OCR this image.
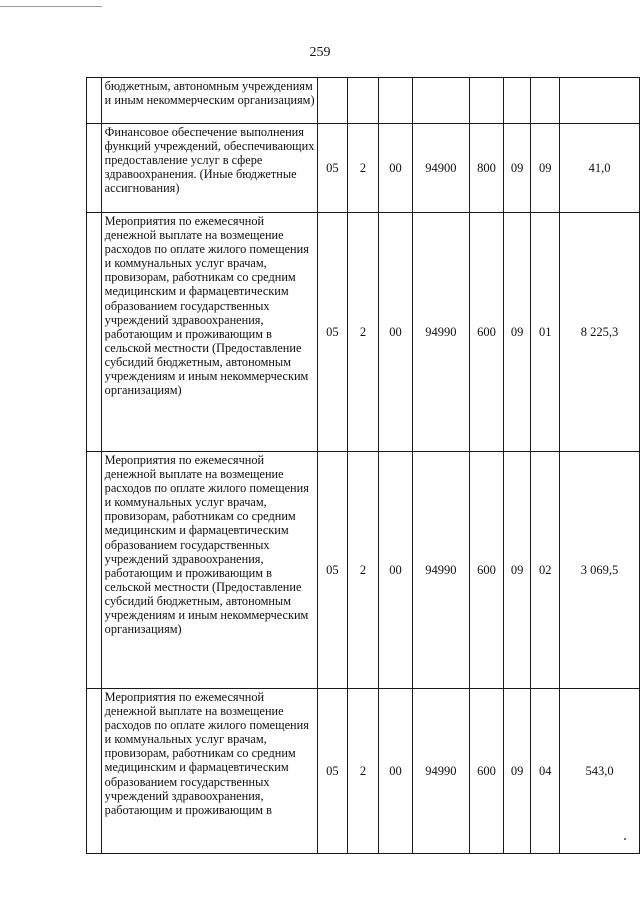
259
	бюджетным, автономным учреждениям и иным некоммерческим организациям)								
	Финансовое обеспечение выполнения функций учреждений, обеспечивающих предоставление услуг в сфере здравоохранения. (Иные бюджетные ассигнования)	05	2	00	94900	800	09	09	41,0
	Мероприятия по ежемесячной денежной выплате на возмещение расходов по оплате жилого помещения и коммунальных услуг врачам, провизорам, работникам со средним медицинским и фармацевтическим образованием государственных учреждений здравоохранения, работающим и проживающим в сельской местности (Предоставление субсидий бюджетным, автономным учреждениям и иным некоммерческим организациям)	05	2	00	94990	600	09	01	8 225,3
	Мероприятия по ежемесячной денежной выплате на возмещение расходов по оплате жилого помещения и коммунальных услуг врачам, провизорам, работникам со средним медицинским и фармацевтическим образованием государственных учреждений здравоохранения, работающим и проживающим в сельской местности (Предоставление субсидий бюджетным, автономным учреждениям и иным некоммерческим организациям)	05	2	00	94990	600	09	02	3 069,5
	Мероприятия по ежемесячной денежной выплате на возмещение расходов по оплате жилого помещения и коммунальных услуг врачам, провизорам, работникам со средним медицинским и фармацевтическим образованием государственных учреждений здравоохранения, работающим и проживающим в	05	2	00	94990	600	09	04	543,0
